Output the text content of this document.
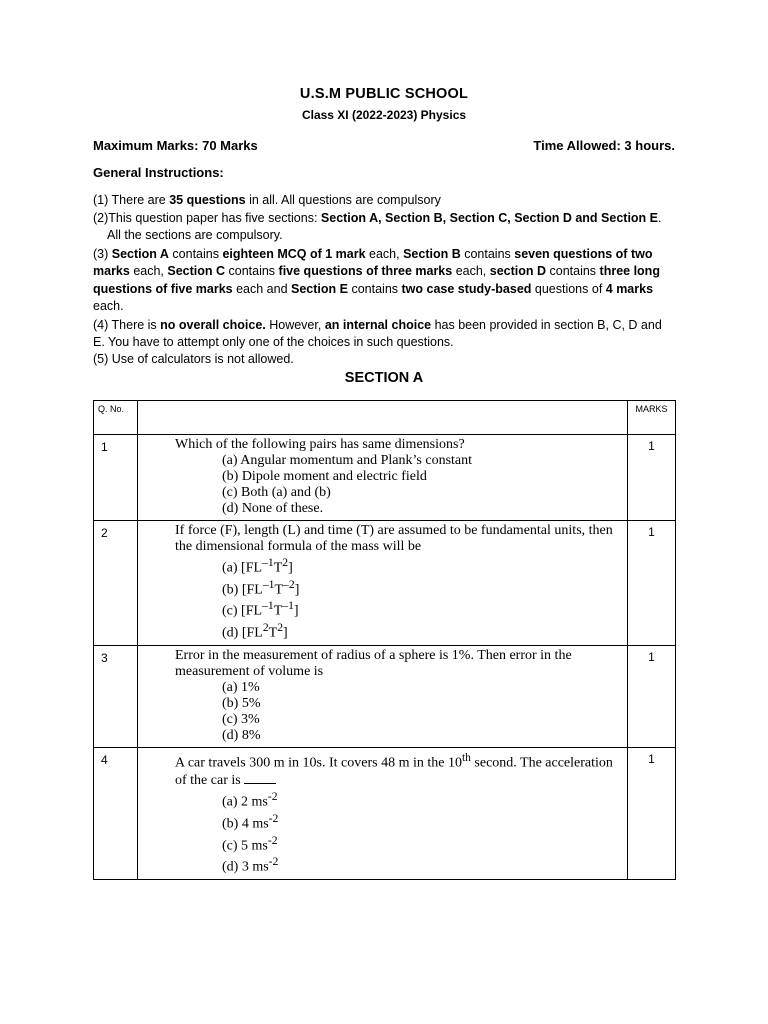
U.S.M PUBLIC SCHOOL
Class XI (2022-2023) Physics
Maximum Marks: 70 Marks	Time Allowed: 3 hours.
General Instructions:
(1) There are 35 questions in all. All questions are compulsory
(2)This question paper has five sections: Section A, Section B, Section C, Section D and Section E.
All the sections are compulsory.
(3) Section A contains eighteen MCQ of 1 mark each, Section B contains seven questions of two marks each, Section C contains five questions of three marks each, section D contains three long questions of five marks each and Section E contains two case study-based questions of 4 marks each.
(4) There is no overall choice. However, an internal choice has been provided in section B, C, D and E. You have to attempt only one of the choices in such questions.
(5) Use of calculators is not allowed.
SECTION A
Q. No.		MARKS
1	Which of the following pairs has same dimensions?
(a) Angular momentum and Plank’s constant
(b) Dipole moment and electric field
(c) Both (a) and (b)
(d) None of these.	1

2	If force (F), length (L) and time (T) are assumed to be fundamental units, then the dimensional formula of the mass will be
(a) $[FL^{-1}T^2]$
(b) $[FL^{-1}T^{-2}]$
(c) $[FL^{-1}T^{-1}]$
(d) $[FL^2T^2]$	1

3	Error in the measurement of radius of a sphere is 1%. Then error in the measurement of volume is
(a) 1%
(b) 5%
(c) 3%
(d) 8%	1

4	A car travels 300 m in 10s. It covers 48 m in the 10th second. The acceleration of the car is
(a) 2 $ms^{-2}$
(b) 4 $ms^{-2}$
(c) 5 $ms^{-2}$
(d) 3 $ms^{-2}$	1
